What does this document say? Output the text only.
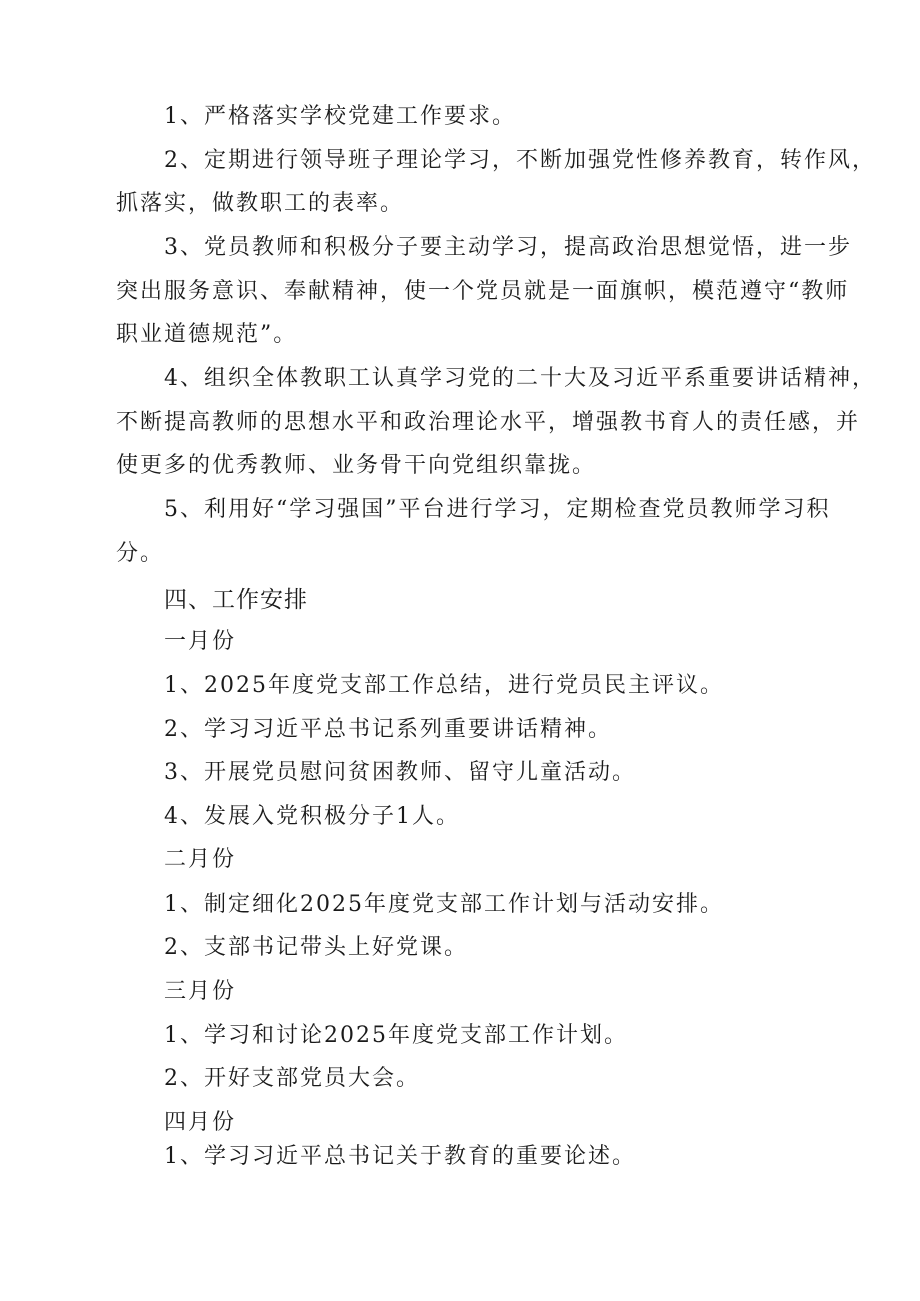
1、严格落实学校党建工作要求。
2、定期进行领导班子理论学习，不断加强党性修养教育，转作风，
抓落实，做教职工的表率。
3、党员教师和积极分子要主动学习，提高政治思想觉悟，进一步
突出服务意识、奉献精神，使一个党员就是一面旗帜，模范遵守“教师
职业道德规范”。
4、组织全体教职工认真学习党的二十大及习近平系重要讲话精神，
不断提高教师的思想水平和政治理论水平，增强教书育人的责任感，并
使更多的优秀教师、业务骨干向党组织靠拢。
5、利用好“学习强国”平台进行学习，定期检查党员教师学习积
分。
四、工作安排
一月份
1、2025年度党支部工作总结，进行党员民主评议。
2、学习习近平总书记系列重要讲话精神。
3、开展党员慰问贫困教师、留守儿童活动。
4、发展入党积极分子1人。
二月份
1、制定细化2025年度党支部工作计划与活动安排。
2、支部书记带头上好党课。
三月份
1、学习和讨论2025年度党支部工作计划。
2、开好支部党员大会。
四月份
1、学习习近平总书记关于教育的重要论述。
